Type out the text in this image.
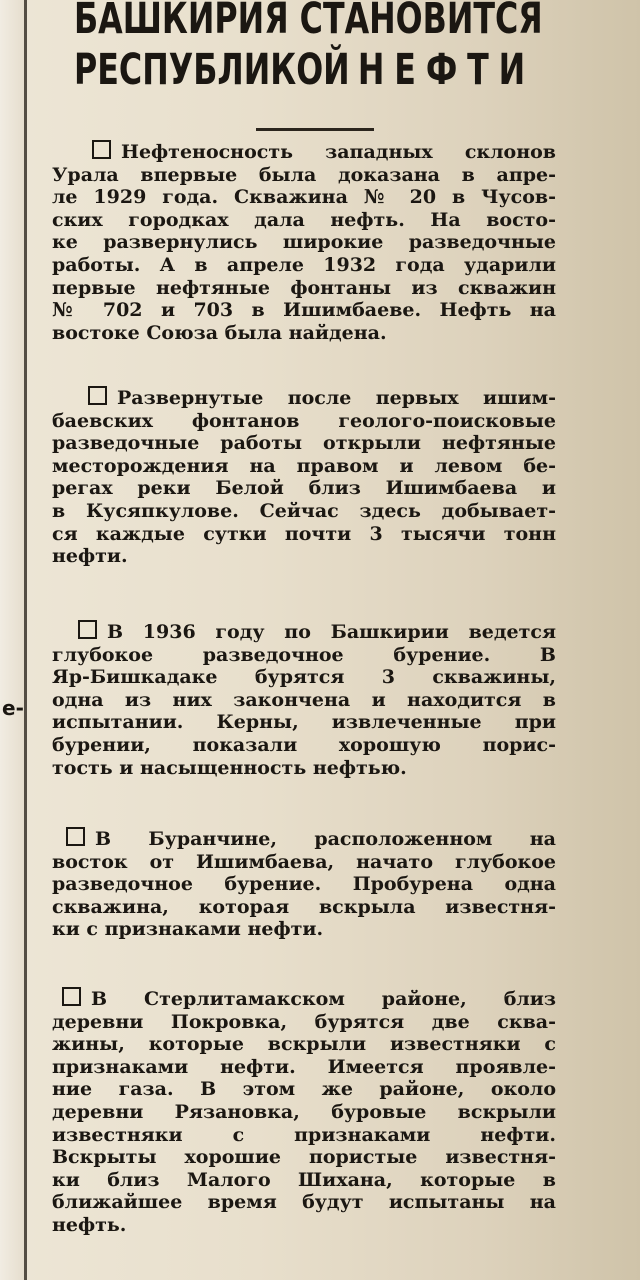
е-
БАШКИРИЯ СТАНОВИТСЯ
РЕСПУБЛИКОЙ НЕФТИ
Нефтеносность западных склонов
Урала впервые была доказана в апре-
ле 1929 года. Скважина № 20 в Чусов-
ских городках дала нефть. На восто-
ке развернулись широкие разведочные
работы. А в апреле 1932 года ударили
первые нефтяные фонтаны из скважин
№ 702 и 703 в Ишимбаеве. Нефть на
востоке Союза была найдена.
Развернутые после первых ишим-
баевских фонтанов геолого-поисковые
разведочные работы открыли нефтяные
месторождения на правом и левом бе-
регах реки Белой близ Ишимбаева и
в Кусяпкулове. Сейчас здесь добывает-
ся каждые сутки почти 3 тысячи тонн
нефти.
В 1936 году по Башкирии ведется
глубокое разведочное бурение. В
Яр-Бишкадаке бурятся 3 скважины,
одна из них закончена и находится в
испытании. Керны, извлеченные при
бурении, показали хорошую порис-
тость и насыщенность нефтью.
В Буранчине, расположенном на
восток от Ишимбаева, начато глубокое
разведочное бурение. Пробурена одна
скважина, которая вскрыла известня-
ки с признаками нефти.
В Стерлитамакском районе, близ
деревни Покровка, бурятся две сква-
жины, которые вскрыли известняки с
признаками нефти. Имеется проявле-
ние газа. В этом же районе, около
деревни Рязановка, буровые вскрыли
известняки с признаками нефти.
Вскрыты хорошие пористые известня-
ки близ Малого Шихана, которые в
ближайшее время будут испытаны на
нефть.
